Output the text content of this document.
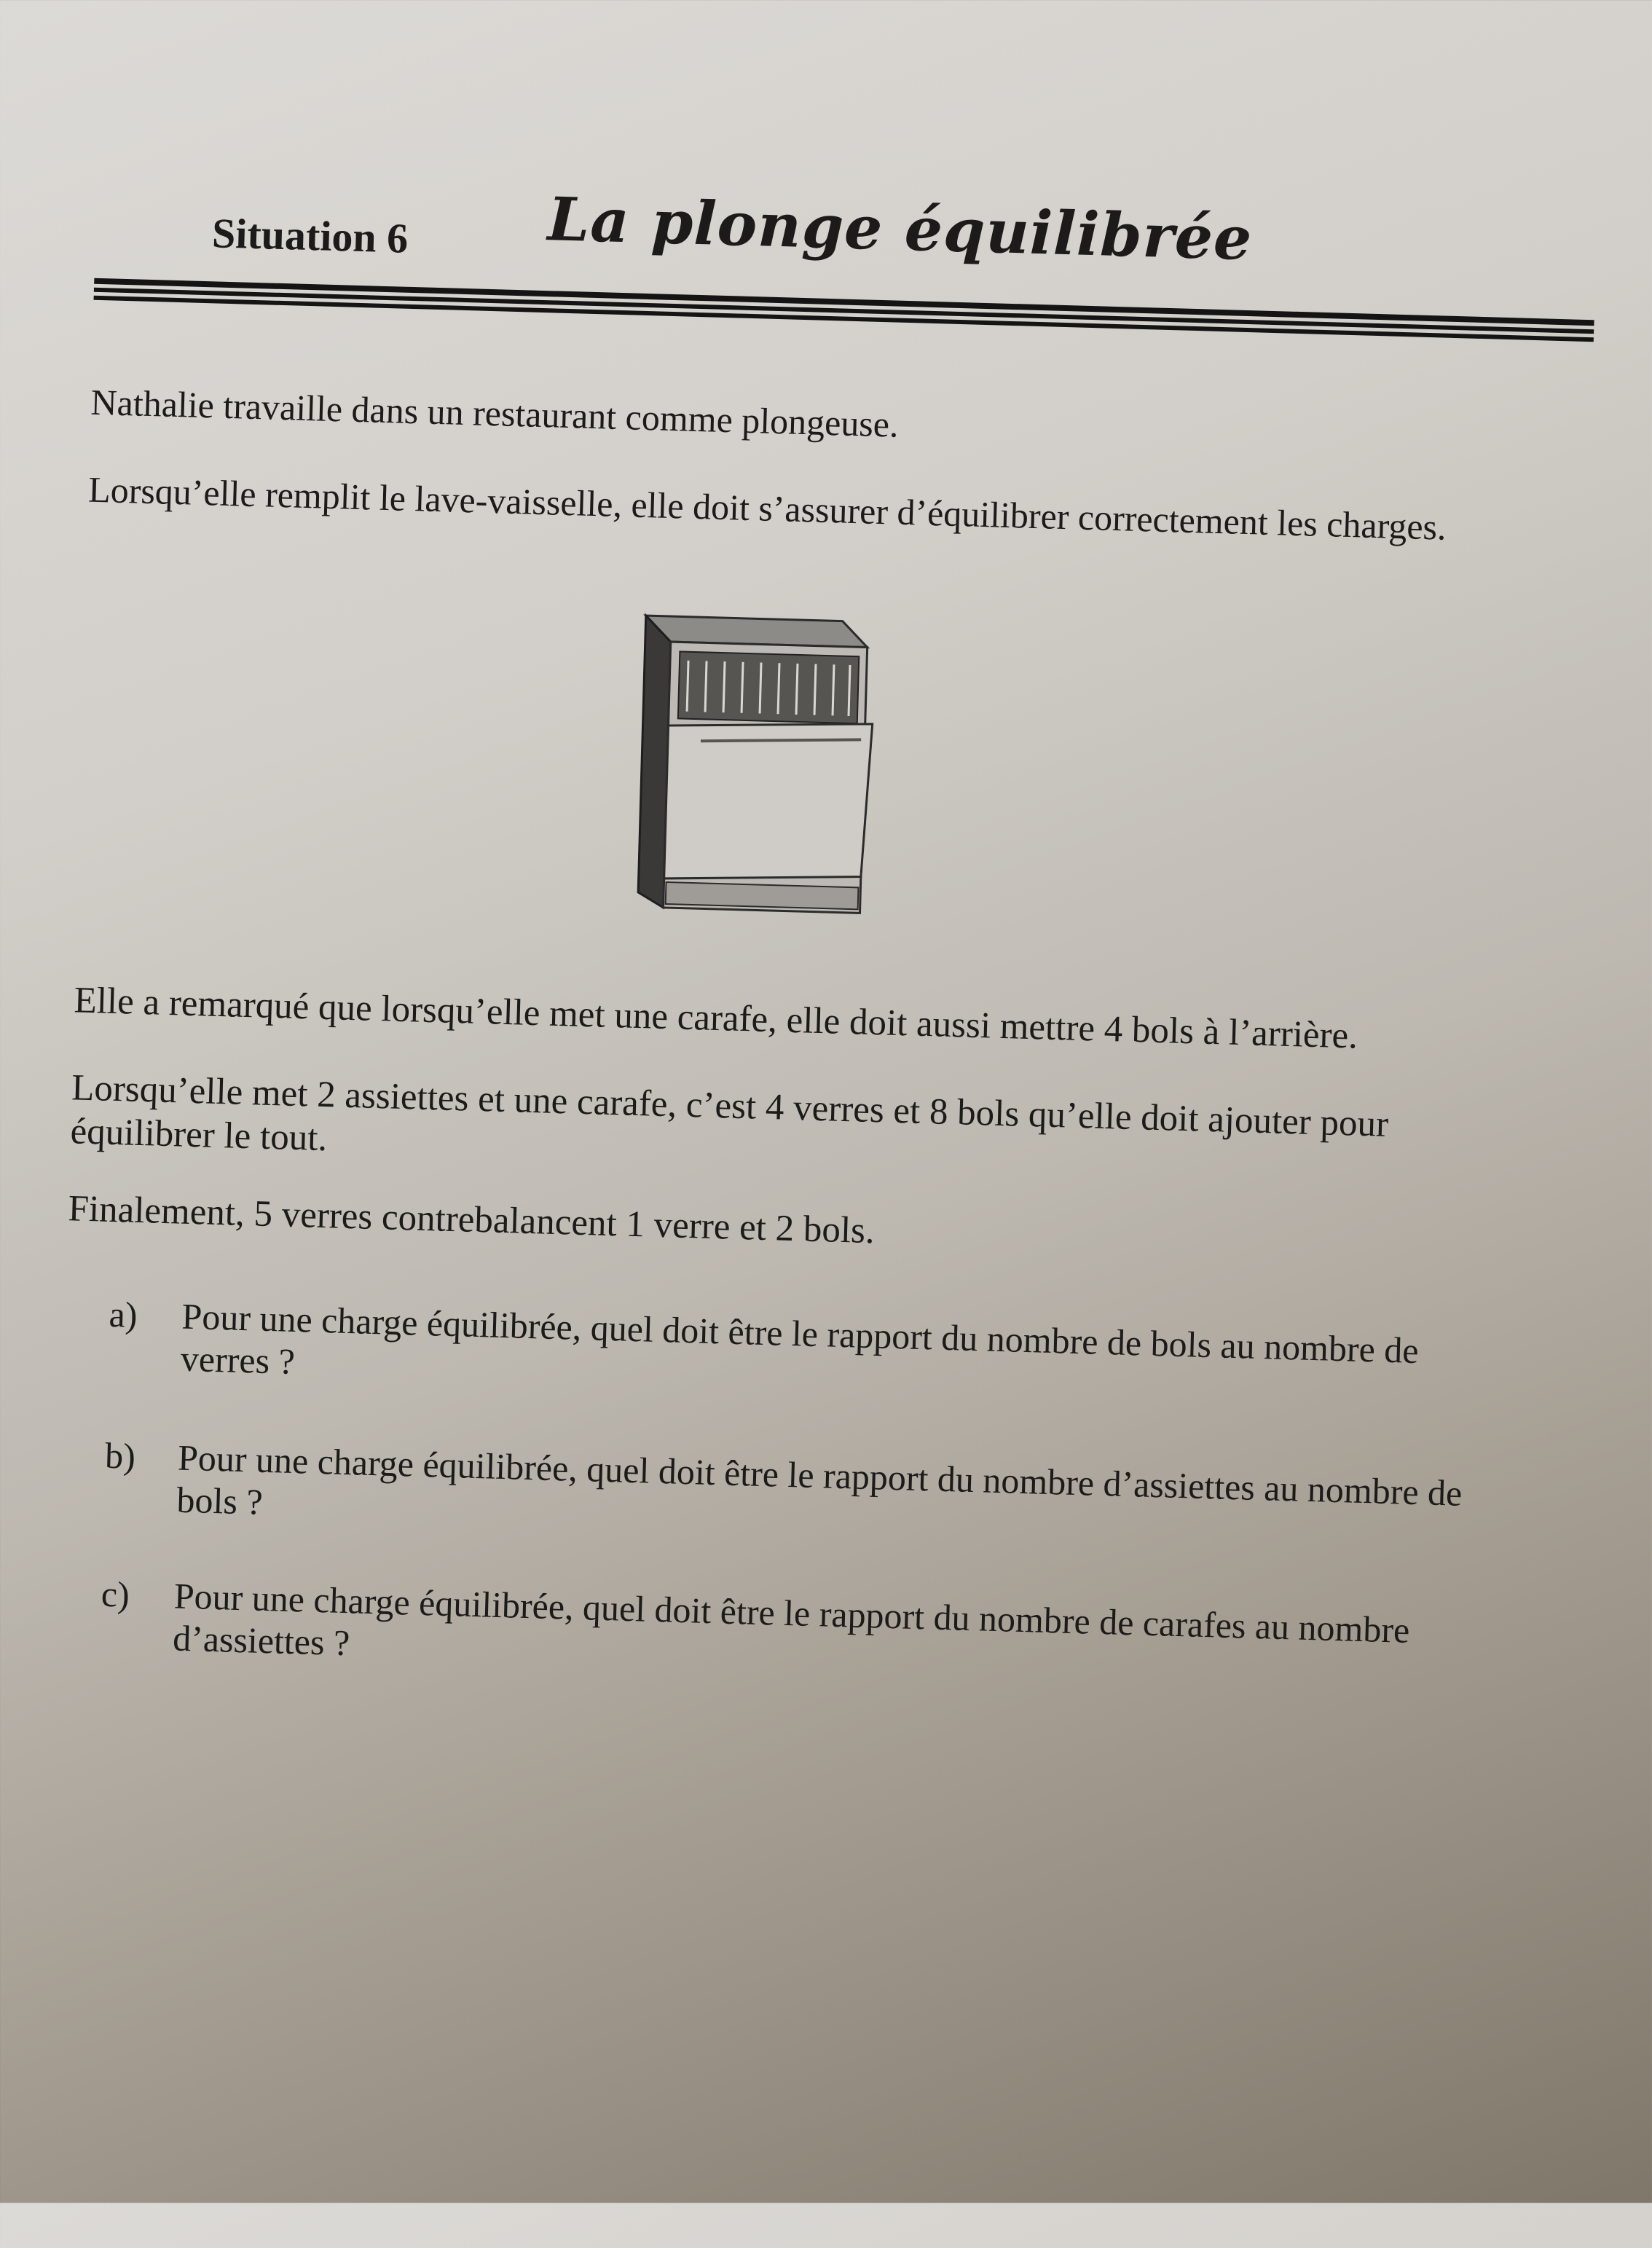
Situation 6 La plonge équilibrée

Nathalie travaille dans un restaurant comme plongeuse.

Lorsqu’elle remplit le lave-vaisselle, elle doit s’assurer d’équilibrer correctement les charges.

Elle a remarqué que lorsqu’elle met une carafe, elle doit aussi mettre 4 bols à l’arrière.

Lorsqu’elle met 2 assiettes et une carafe, c’est 4 verres et 8 bols qu’elle doit ajouter pour équilibrer le tout.

Finalement, 5 verres contrebalancent 1 verre et 2 bols.

a) Pour une charge équilibrée, quel doit être le rapport du nombre de bols au nombre de verres ?
b) Pour une charge équilibrée, quel doit être le rapport du nombre d’assiettes au nombre de bols ?
c) Pour une charge équilibrée, quel doit être le rapport du nombre de carafes au nombre d’assiettes ?
